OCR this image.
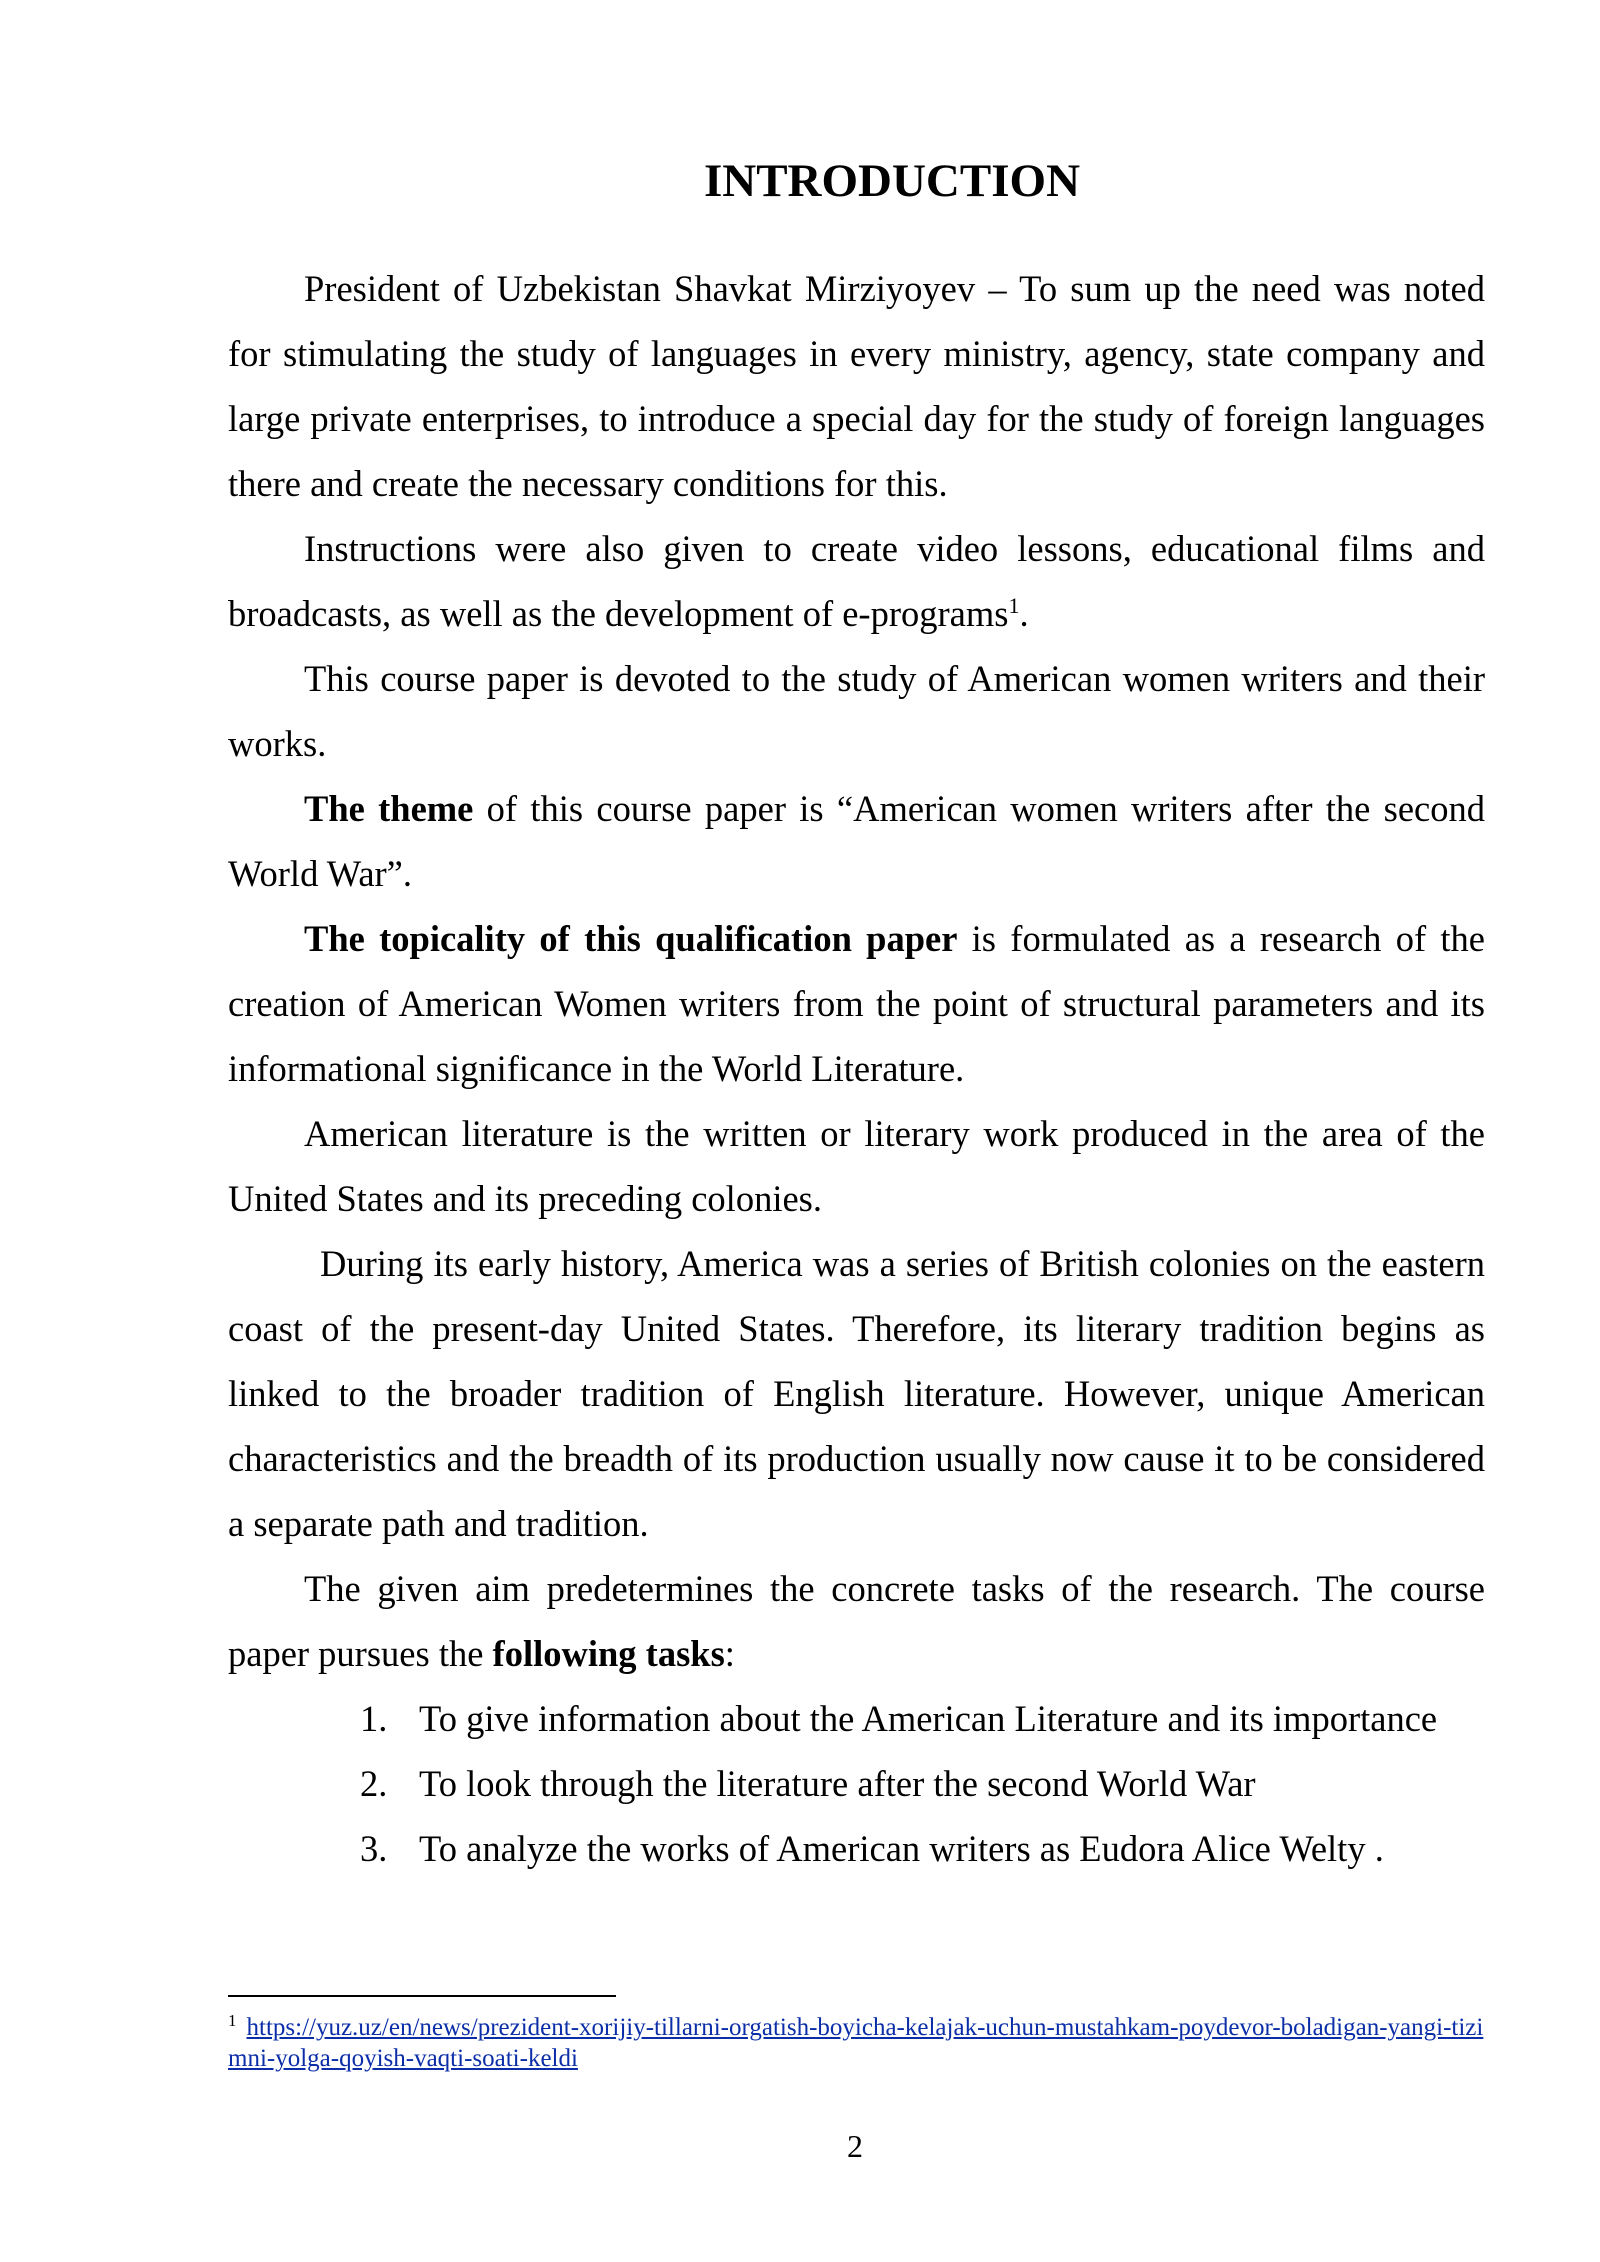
INTRODUCTION

President of Uzbekistan Shavkat Mirziyoyev – To sum up the need was noted for stimulating the study of languages in every ministry, agency, state company and large private enterprises, to introduce a special day for the study of foreign languages there and create the necessary conditions for this.

Instructions were also given to create video lessons, educational films and broadcasts, as well as the development of e-programs$^1$.

This course paper is devoted to the study of American women writers and their works.

The theme of this course paper is “American women writers after the second World War”.

The topicality of this qualification paper is formulated as a research of the creation of American Women writers from the point of structural parameters and its informational significance in the World Literature.

American literature is the written or literary work produced in the area of the United States and its preceding colonies.

During its early history, America was a series of British colonies on the eastern coast of the present-day United States. Therefore, its literary tradition begins as linked to the broader tradition of English literature. However, unique American characteristics and the breadth of its production usually now cause it to be considered a separate path and tradition.

The given aim predetermines the concrete tasks of the research. The course paper pursues the following tasks:

1. To give information about the American Literature and its importance
2. To look through the literature after the second World War
3. To analyze the works of American writers as Eudora Alice Welty .
$^1$ https://yuz.uz/en/news/prezident-xorijiy-tillarni-orgatish-boyicha-kelajak-uchun-mustahkam-poydevor-boladigan-yangi-tizimni-yolga-qoyish-vaqti-soati-keldi
2
